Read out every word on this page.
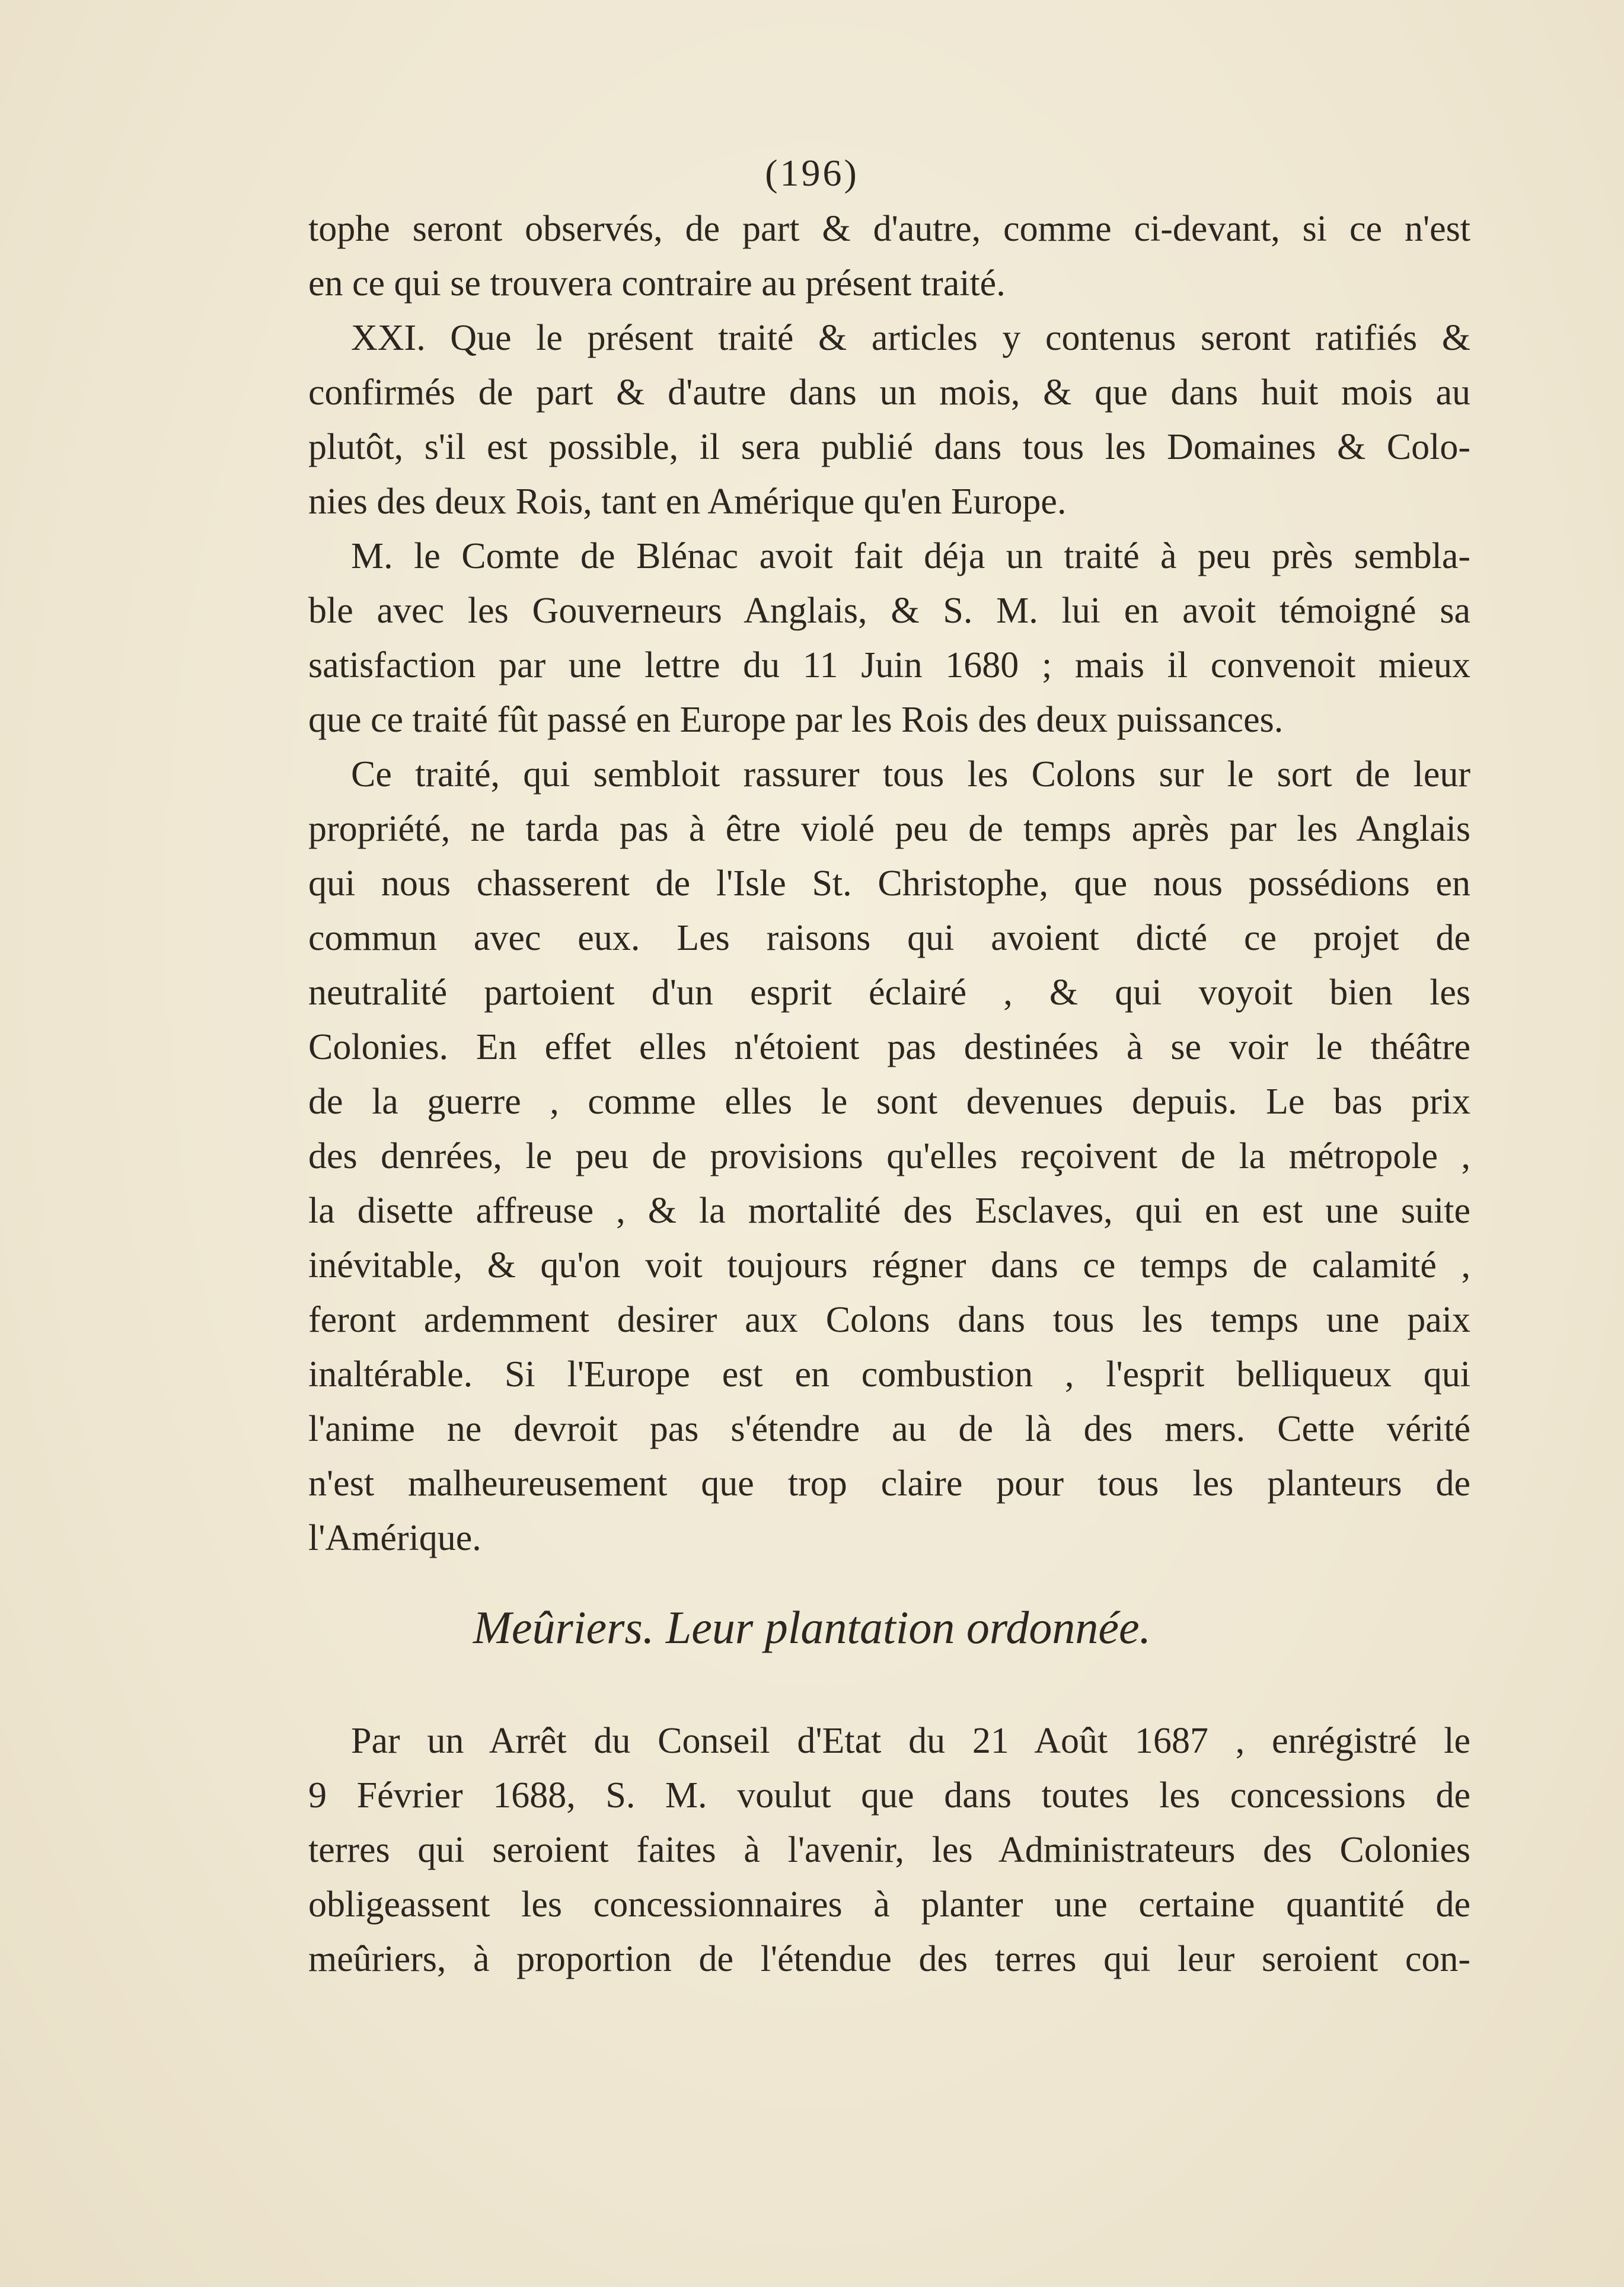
(196)
tophe seront observés, de part & d'autre, comme ci-devant, si ce n'est
en ce qui se trouvera contraire au présent traité.
XXI. Que le présent traité & articles y contenus seront ratifiés &
confirmés de part & d'autre dans un mois, & que dans huit mois au
plutôt, s'il est possible, il sera publié dans tous les Domaines & Colo-
nies des deux Rois, tant en Amérique qu'en Europe.
M. le Comte de Blénac avoit fait déja un traité à peu près sembla-
ble avec les Gouverneurs Anglais, & S. M. lui en avoit témoigné sa
satisfaction par une lettre du 11 Juin 1680 ; mais il convenoit mieux
que ce traité fût passé en Europe par les Rois des deux puissances.
Ce traité, qui sembloit rassurer tous les Colons sur le sort de leur
propriété, ne tarda pas à être violé peu de temps après par les Anglais
qui nous chasserent de l'Isle St. Christophe, que nous possédions en
commun avec eux. Les raisons qui avoient dicté ce projet de
neutralité partoient d'un esprit éclairé , & qui voyoit bien les
Colonies. En effet elles n'étoient pas destinées à se voir le théâtre
de la guerre , comme elles le sont devenues depuis. Le bas prix
des denrées, le peu de provisions qu'elles reçoivent de la métropole ,
la disette affreuse , & la mortalité des Esclaves, qui en est une suite
inévitable, & qu'on voit toujours régner dans ce temps de calamité ,
feront ardemment desirer aux Colons dans tous les temps une paix
inaltérable. Si l'Europe est en combustion , l'esprit belliqueux qui
l'anime ne devroit pas s'étendre au de là des mers. Cette vérité
n'est malheureusement que trop claire pour tous les planteurs de
l'Amérique.
Meûriers. Leur plantation ordonnée.
Par un Arrêt du Conseil d'Etat du 21 Août 1687 , enrégistré le
9 Février 1688, S. M. voulut que dans toutes les concessions de
terres qui seroient faites à l'avenir, les Administrateurs des Colonies
obligeassent les concessionnaires à planter une certaine quantité de
meûriers, à proportion de l'étendue des terres qui leur seroient con-
